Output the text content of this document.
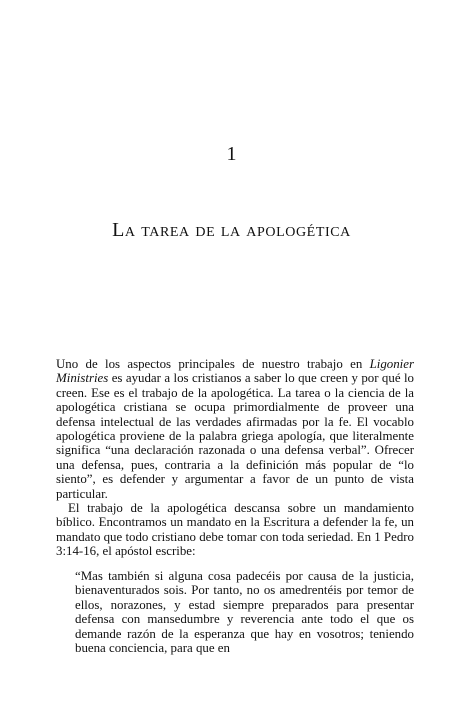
1
La tarea de la apologética

Uno de los aspectos principales de nuestro trabajo en Ligonier Ministries es ayudar a los cristianos a saber lo que creen y por qué lo creen. Ese es el trabajo de la apologética. La tarea o la ciencia de la apologética cristiana se ocupa primordialmente de proveer una defensa intelectual de las verdades afirmadas por la fe. El vocablo apologética proviene de la palabra griega apología, que literalmente significa “una declaración razonada o una defensa verbal”. Ofrecer una defensa, pues, contraria a la definición más popular de “lo siento”, es defender y argumentar a favor de un punto de vista particular.

El trabajo de la apologética descansa sobre un mandamiento bíblico. Encontramos un mandato en la Escritura a defender la fe, un mandato que todo cristiano debe tomar con toda seriedad. En 1 Pedro 3:14-16, el apóstol escribe:

“Mas también si alguna cosa padecéis por causa de la justicia, bienaventurados sois. Por tanto, no os amedrentéis por temor de ellos, norazones, y estad siempre preparados para presentar defensa con mansedumbre y reverencia ante todo el que os demande razón de la esperanza que hay en vosotros; teniendo buena conciencia, para que en
